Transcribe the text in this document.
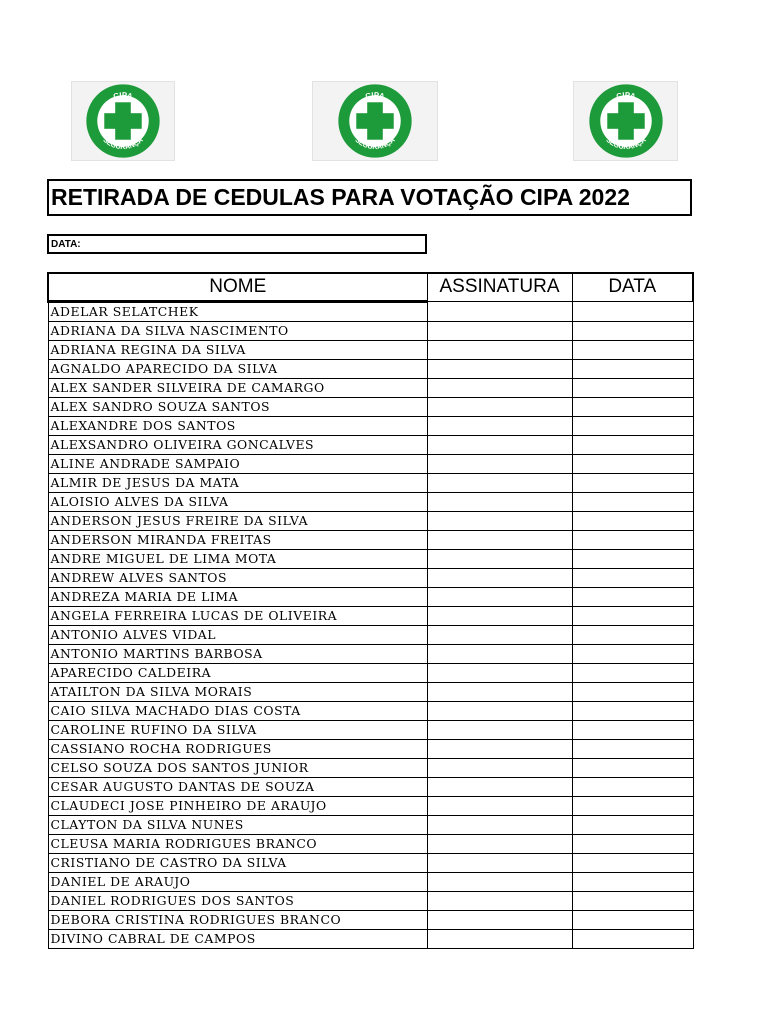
CIPA
SEGURANÇA
CIPA
SEGURANÇA
CIPA
SEGURANÇA
RETIRADA DE CEDULAS PARA VOTAÇÃO CIPA 2022
DATA:
NOME	ASSINATURA	DATA
ADELAR SELATCHEK		
ADRIANA DA SILVA NASCIMENTO		
ADRIANA REGINA DA SILVA		
AGNALDO APARECIDO DA SILVA		
ALEX SANDER SILVEIRA DE CAMARGO		
ALEX SANDRO SOUZA SANTOS		
ALEXANDRE DOS SANTOS		
ALEXSANDRO OLIVEIRA GONCALVES		
ALINE ANDRADE SAMPAIO		
ALMIR DE JESUS DA MATA		
ALOISIO ALVES DA SILVA		
ANDERSON JESUS FREIRE DA SILVA		
ANDERSON MIRANDA FREITAS		
ANDRE MIGUEL DE LIMA MOTA		
ANDREW ALVES SANTOS		
ANDREZA MARIA DE LIMA		
ANGELA FERREIRA LUCAS DE OLIVEIRA		
ANTONIO ALVES VIDAL		
ANTONIO MARTINS BARBOSA		
APARECIDO CALDEIRA		
ATAILTON DA SILVA MORAIS		
CAIO SILVA MACHADO DIAS COSTA		
CAROLINE RUFINO DA SILVA		
CASSIANO ROCHA RODRIGUES		
CELSO SOUZA DOS SANTOS JUNIOR		
CESAR AUGUSTO DANTAS DE SOUZA		
CLAUDECI JOSE PINHEIRO DE ARAUJO		
CLAYTON DA SILVA NUNES		
CLEUSA MARIA RODRIGUES BRANCO		
CRISTIANO DE CASTRO DA SILVA		
DANIEL DE ARAUJO		
DANIEL RODRIGUES DOS SANTOS		
DEBORA CRISTINA RODRIGUES BRANCO		
DIVINO CABRAL DE CAMPOS		
